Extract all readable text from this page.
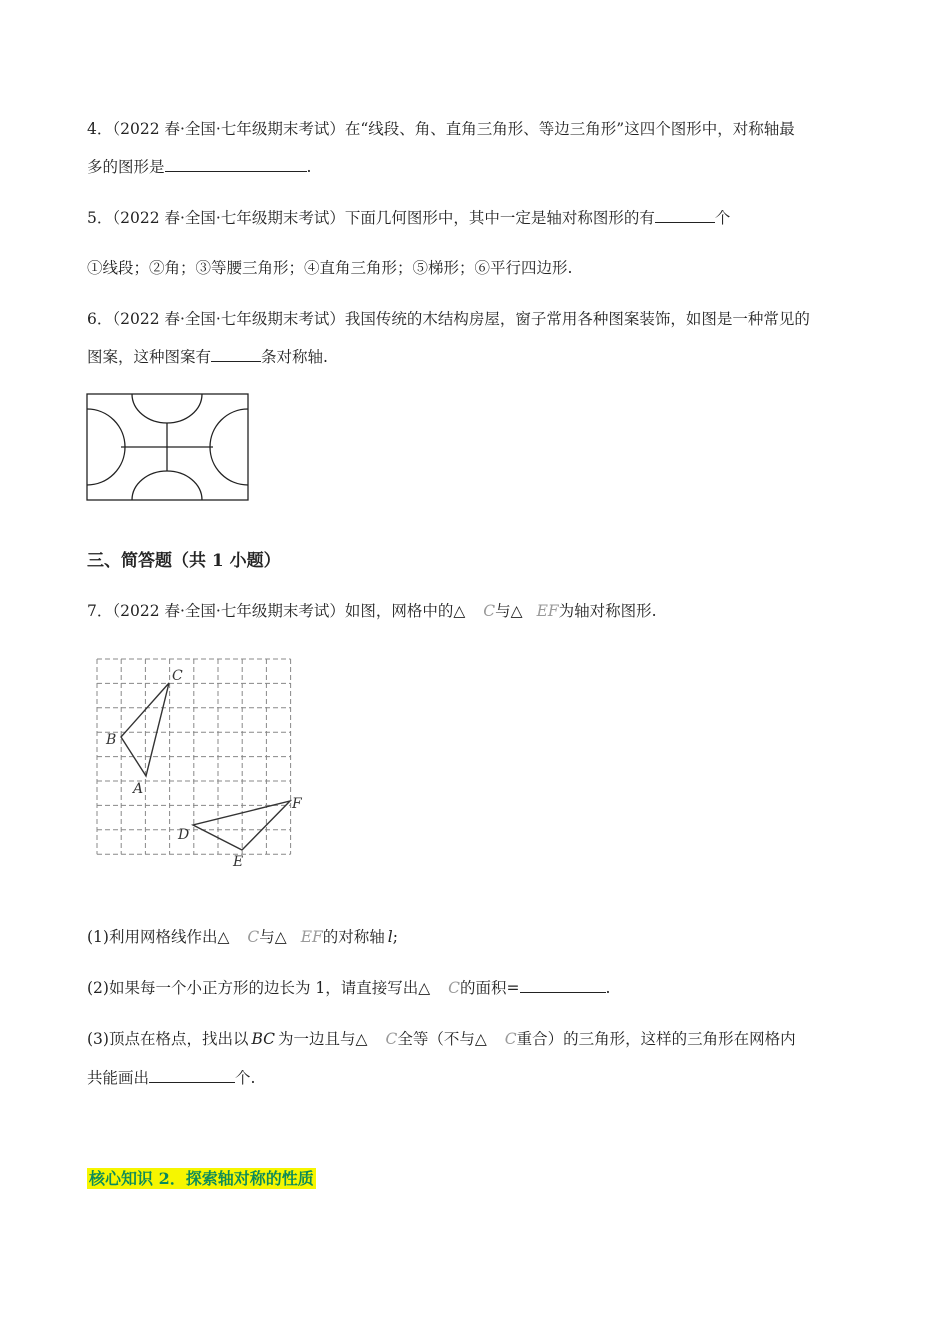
4．（2022 春·全国·七年级期末考试）在“线段、角、直角三角形、等边三角形”这四个图形中，对称轴最
多的图形是	.
5．（2022 春·全国·七年级期末考试）下面几何图形中，其中一定是轴对称图形的有	个
①线段；②角；③等腰三角形；④直角三角形；⑤梯形；⑥平行四边形.
6．（2022 春·全国·七年级期末考试）我国传统的木结构房屋，窗子常用各种图案装饰，如图是一种常见的
图案，这种图案有	条对称轴.
三、简答题（共 1 小题）
7．（2022 春·全国·七年级期末考试）如图，网格中的△ C与△ EF为轴对称图形.
A
B
C
D
E
F
(1)利用网格线作出△ C与△ EF的对称轴 l;
(2)如果每一个小正方形的边长为 1，请直接写出△ C的面积=	.
(3)顶点在格点，找出以 BC 为一边且与△ C全等（不与△ C重合）的三角形，这样的三角形在网格内
共能画出	个.
核心知识 2．探索轴对称的性质
